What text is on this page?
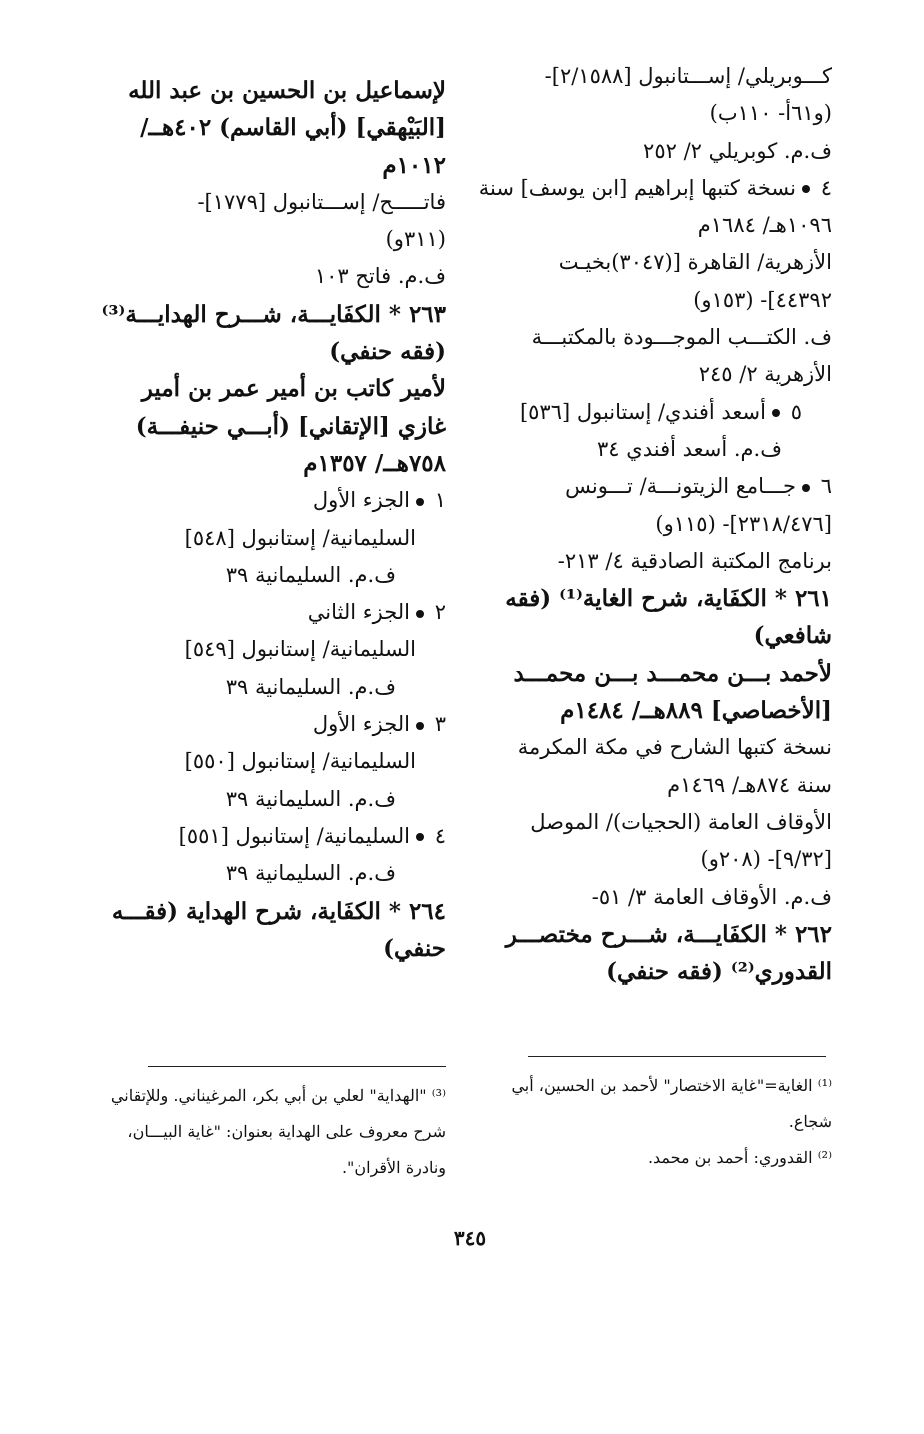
كـــوبريلي/ إســـتانبول [٢/١٥٨٨]-
(و٦١أ- ١١٠ب)
ف.م. كوبريلي ٢/ ٢٥٢
٤نسخة كتبها إبراهيم [ابن يوسف] سنة
١٠٩٦هـ/ ١٦٨٤م
الأزهرية/ القاهرة [(٣٠٤٧)بخيـت
٤٤٣٩٢]- (١٥٣و)
ف. الكتـــب الموجـــودة بالمكتبـــة
الأزهرية ٢/ ٢٤٥
٥أسعد أفندي/ إستانبول [٥٣٦]
ف.م. أسعد أفندي ٣٤
٦جـــامع الزيتونـــة/ تـــونس
[٢٣١٨/٤٧٦]- (١١٥و)
برنامج المكتبة الصادقية ٤/ ٢١٣-
٢٦١ * الكفَاية، شرح الغاية⁽¹⁾ (فقه
شافعي)
لأحمد بـــن محمـــد بـــن محمـــد
[الأخصاصي] ٨٨٩هــ/ ١٤٨٤م
نسخة كتبها الشارح في مكة المكرمة
سنة ٨٧٤هـ/ ١٤٦٩م
الأوقاف العامة (الحجيات)/ الموصل
[٩/٣٢]- (٢٠٨و)
ف.م. الأوقاف العامة ٣/ ٥١-
٢٦٢ * الكفَايـــة، شـــرح مختصـــر
القدوري⁽²⁾ (فقه حنفي)
لإسماعيل بن الحسين بن عبد الله
[البَيْهقي] (أبي القاسم) ٤٠٢هــ/
١٠١٢م
فاتـــــح/ إســـتانبول [١٧٧٩]-
(٣١١و)
ف.م. فاتح ١٠٣
٢٦٣ * الكفَايـــة، شـــرح الهدايـــة⁽³⁾
(فقه حنفي)
لأمير كاتب بن أمير عمر بن أمير
غازي [الإتقاني] (أبـــي حنيفـــة)
٧٥٨هــ/ ١٣٥٧م
١الجزء الأول
السليمانية/ إستانبول [٥٤٨]
ف.م. السليمانية ٣٩
٢الجزء الثاني
السليمانية/ إستانبول [٥٤٩]
ف.م. السليمانية ٣٩
٣الجزء الأول
السليمانية/ إستانبول [٥٥٠]
ف.م. السليمانية ٣٩
٤السليمانية/ إستانبول [٥٥١]
ف.م. السليمانية ٣٩
٢٦٤ * الكفَاية، شرح الهداية (فقـــه
حنفي)
⁽¹⁾ الغاية="غاية الاختصار" لأحمد بن الحسين، أبي
شجاع.
⁽²⁾ القدوري: أحمد بن محمد.
⁽³⁾ "الهداية" لعلي بن أبي بكر، المرغيناني. وللإتقاني
شرح معروف على الهداية بعنوان: "غاية البيـــان،
ونادرة الأقران".
٣٤٥
